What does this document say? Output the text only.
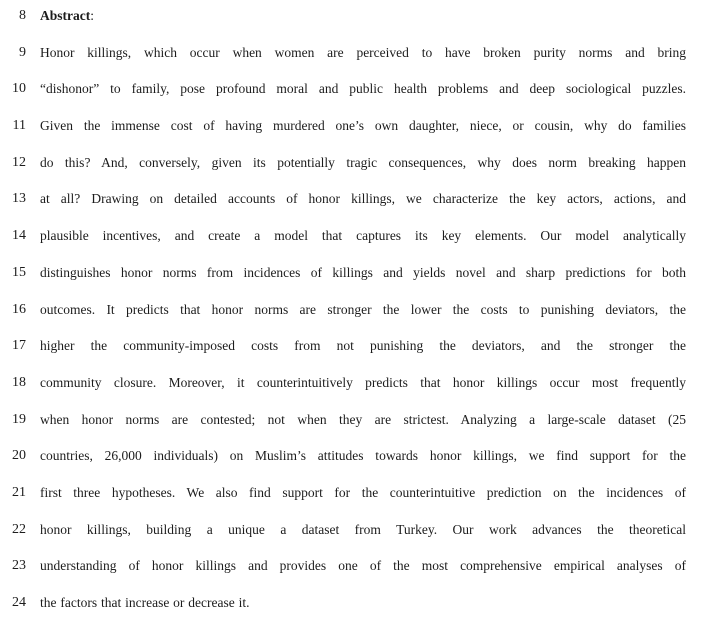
8 Abstract:
9 Honor killings, which occur when women are perceived to have broken purity norms and bring
10 “dishonor” to family, pose profound moral and public health problems and deep sociological puzzles.
11 Given the immense cost of having murdered one’s own daughter, niece, or cousin, why do families
12 do this? And, conversely, given its potentially tragic consequences, why does norm breaking happen
13 at all? Drawing on detailed accounts of honor killings, we characterize the key actors, actions, and
14 plausible incentives, and create a model that captures its key elements. Our model analytically
15 distinguishes honor norms from incidences of killings and yields novel and sharp predictions for both
16 outcomes. It predicts that honor norms are stronger the lower the costs to punishing deviators, the
17 higher the community-imposed costs from not punishing the deviators, and the stronger the
18 community closure. Moreover, it counterintuitively predicts that honor killings occur most frequently
19 when honor norms are contested; not when they are strictest. Analyzing a large-scale dataset (25
20 countries, 26,000 individuals) on Muslim’s attitudes towards honor killings, we find support for the
21 first three hypotheses. We also find support for the counterintuitive prediction on the incidences of
22 honor killings, building a unique a dataset from Turkey. Our work advances the theoretical
23 understanding of honor killings and provides one of the most comprehensive empirical analyses of
24 the factors that increase or decrease it.
